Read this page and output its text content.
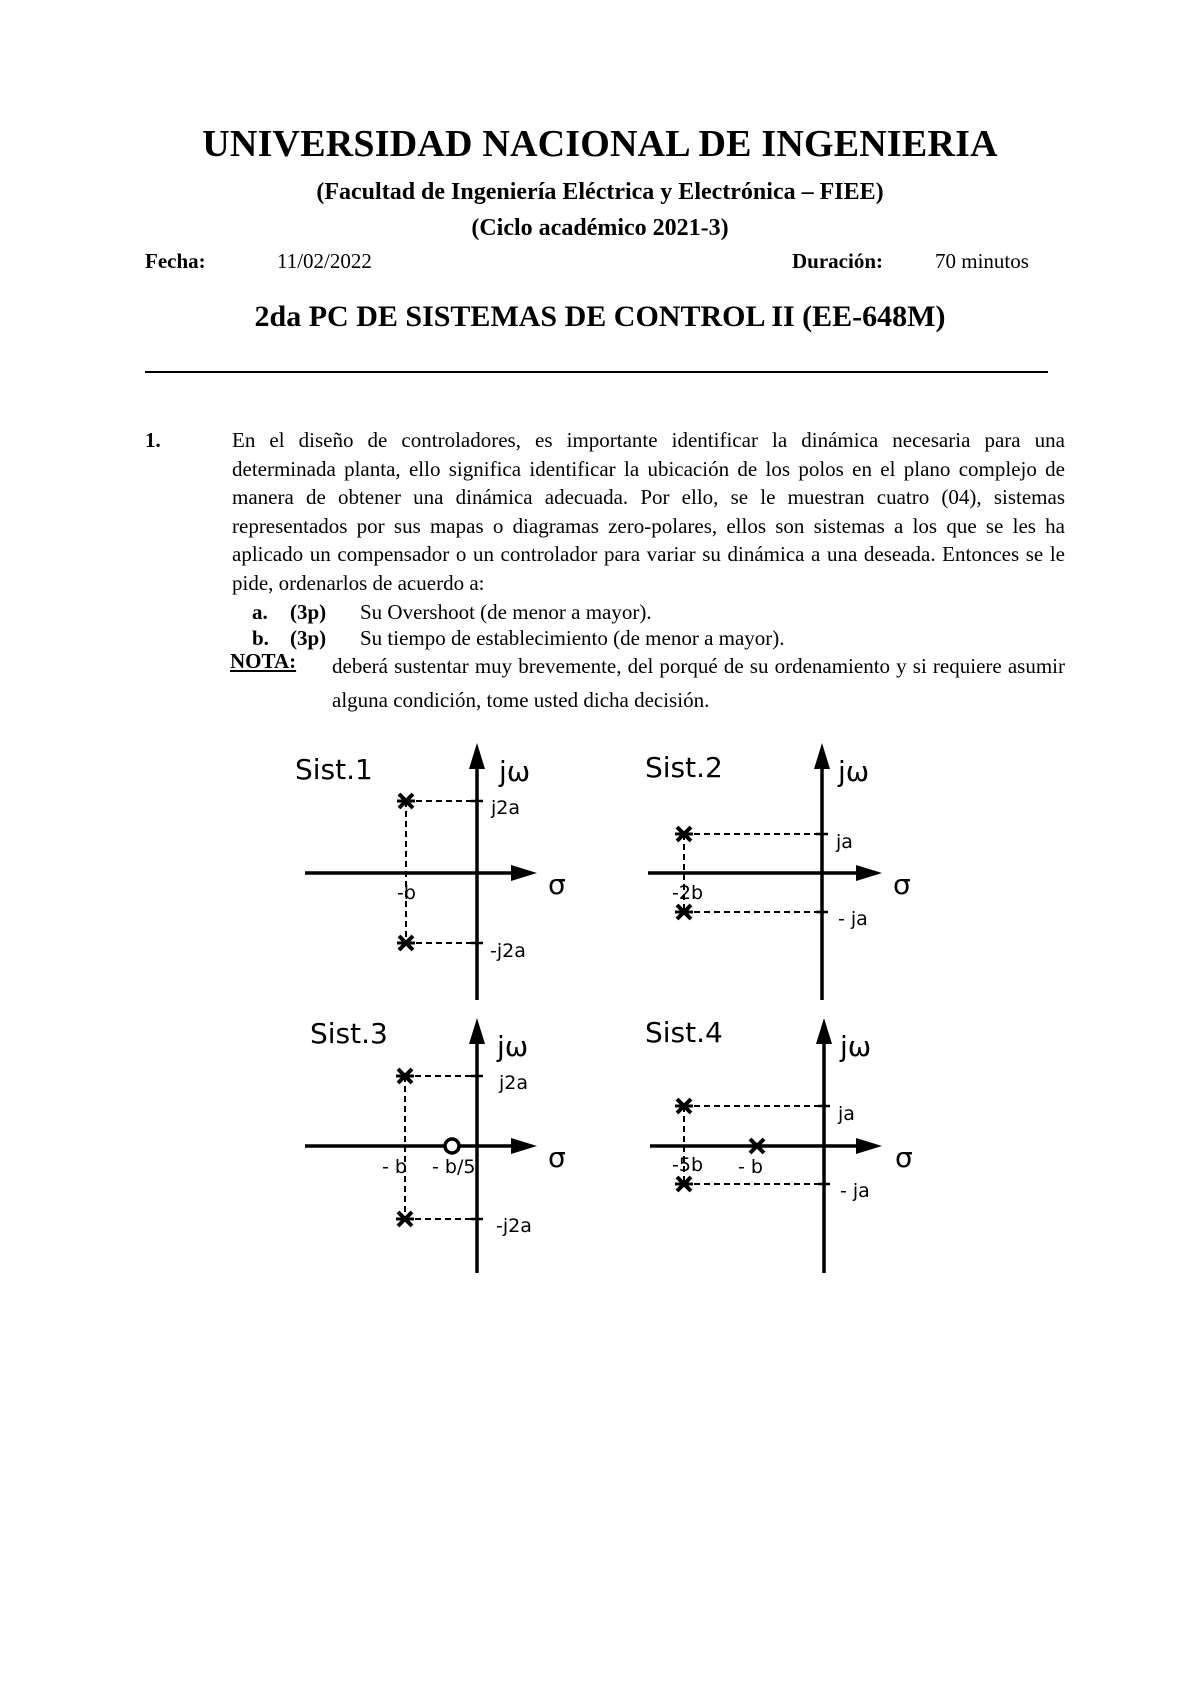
UNIVERSIDAD NACIONAL DE INGENIERIA
(Facultad de Ingeniería Eléctrica y Electrónica – FIEE)
(Ciclo académico 2021-3)
Fecha:	11/02/2022	Duración: 70 minutos
2da PC DE SISTEMAS DE CONTROL II (EE-648M)
1.	En el diseño de controladores, es importante identificar la dinámica necesaria para una determinada planta, ello significa identificar la ubicación de los polos en el plano complejo de manera de obtener una dinámica adecuada. Por ello, se le muestran cuatro (04), sistemas representados por sus mapas o diagramas zero-polares, ellos son sistemas a los que se les ha aplicado un compensador o un controlador para variar su dinámica a una deseada. Entonces se le pide, ordenarlos de acuerdo a:
a. (3p) Su Overshoot (de menor a mayor).
b. (3p) Su tiempo de establecimiento (de menor a mayor).
NOTA: deberá sustentar muy brevemente, del porqué de su ordenamiento y si requiere asumir alguna condición, tome usted dicha decisión.
Sist.1	jω
σ
j2a
-j2a
-b
Sist.2	jω
σ
ja
- ja
-2b
Sist.3	jω
σ
j2a
-j2a
- b - b/5
Sist.4	jω
σ
ja
- ja
-5b - b
